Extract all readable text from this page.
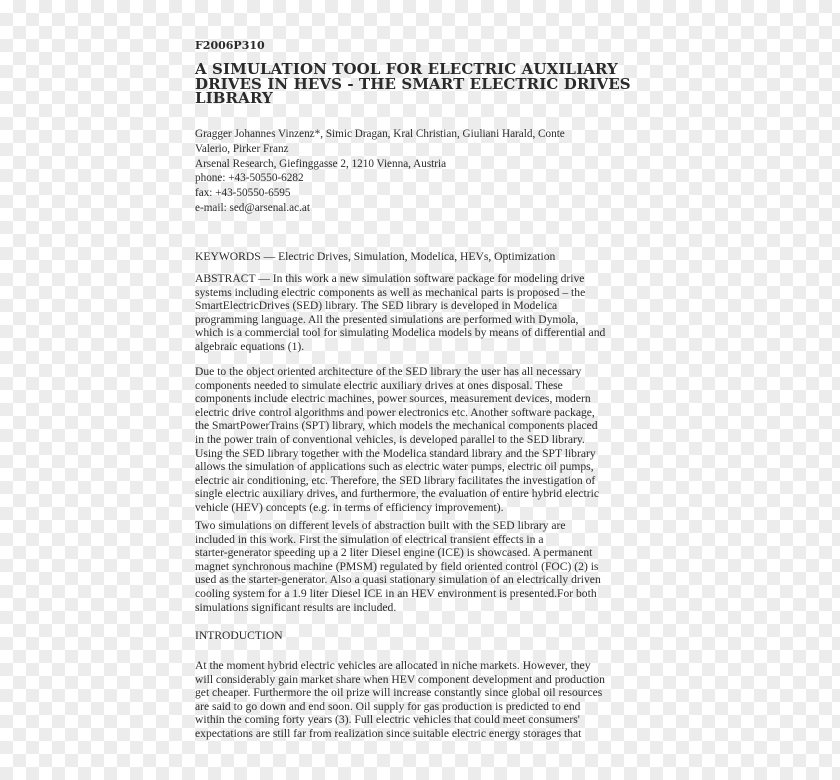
F2006P310
A SIMULATION TOOL FOR ELECTRIC AUXILIARY
DRIVES IN HEVS - THE SMART ELECTRIC DRIVES
LIBRARY
Gragger Johannes Vinzenz*, Simic Dragan, Kral Christian, Giuliani Harald, Conte
Valerio, Pirker Franz
Arsenal Research, Giefinggasse 2, 1210 Vienna, Austria
phone: +43-50550-6282
fax: +43-50550-6595
e-mail: sed@arsenal.ac.at
KEYWORDS — Electric Drives, Simulation, Modelica, HEVs, Optimization
ABSTRACT — In this work a new simulation software package for modeling drive
systems including electric components as well as mechanical parts is proposed – the
SmartElectricDrives (SED) library. The SED library is developed in Modelica
programming language. All the presented simulations are performed with Dymola,
which is a commercial tool for simulating Modelica models by means of differential and
algebraic equations (1).
Due to the object oriented architecture of the SED library the user has all necessary
components needed to simulate electric auxiliary drives at ones disposal. These
components include electric machines, power sources, measurement devices, modern
electric drive control algorithms and power electronics etc. Another software package,
the SmartPowerTrains (SPT) library, which models the mechanical components placed
in the power train of conventional vehicles, is developed parallel to the SED library.
Using the SED library together with the Modelica standard library and the SPT library
allows the simulation of applications such as electric water pumps, electric oil pumps,
electric air conditioning, etc. Therefore, the SED library facilitates the investigation of
single electric auxiliary drives, and furthermore, the evaluation of entire hybrid electric
vehicle (HEV) concepts (e.g. in terms of efficiency improvement).
Two simulations on different levels of abstraction built with the SED library are
included in this work. First the simulation of electrical transient effects in a
starter-generator speeding up a 2 liter Diesel engine (ICE) is showcased. A permanent
magnet synchronous machine (PMSM) regulated by field oriented control (FOC) (2) is
used as the starter-generator. Also a quasi stationary simulation of an electrically driven
cooling system for a 1.9 liter Diesel ICE in an HEV environment is presented.For both
simulations significant results are included.
INTRODUCTION
At the moment hybrid electric vehicles are allocated in niche markets. However, they
will considerably gain market share when HEV component development and production
get cheaper. Furthermore the oil prize will increase constantly since global oil resources
are said to go down and end soon. Oil supply for gas production is predicted to end
within the coming forty years (3). Full electric vehicles that could meet consumers'
expectations are still far from realization since suitable electric energy storages that
